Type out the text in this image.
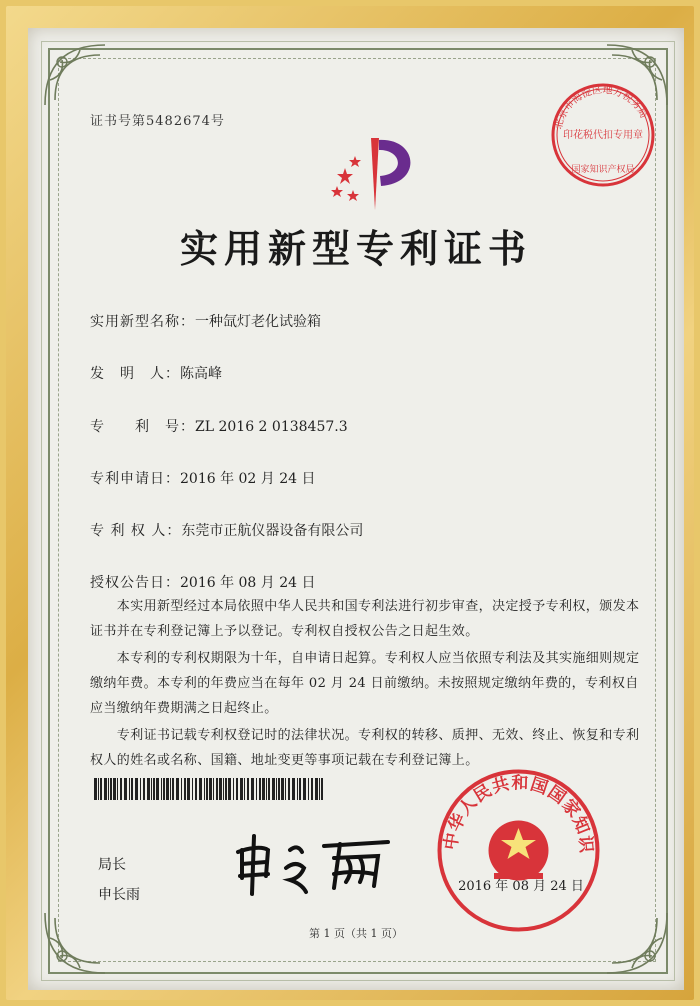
证书号第5482674号
实用新型专利证书
实用新型名称：一种氙灯老化试验箱
发　明　人：陈高峰
专　　利　号：ZL 2016 2 0138457.3
专利申请日：2016 年 02 月 24 日
专 利 权 人：东莞市正航仪器设备有限公司
授权公告日：2016 年 08 月 24 日
　　本实用新型经过本局依照中华人民共和国专利法进行初步审查，决定授予专利权，颁发本证书并在专利登记簿上予以登记。专利权自授权公告之日起生效。
　　本专利的专利权期限为十年，自申请日起算。专利权人应当依照专利法及其实施细则规定缴纳年费。本专利的年费应当在每年 02 月 24 日前缴纳。未按照规定缴纳年费的，专利权自应当缴纳年费期满之日起终止。
　　专利证书记载专利权登记时的法律状况。专利权的转移、质押、无效、终止、恢复和专利权人的姓名或名称、国籍、地址变更等事项记载在专利登记簿上。
局长
申长雨
北京市海淀区地方税务局
印花税代扣专用章
国家知识产权局
中华人民共和国国家知识
2016 年 08 月 24 日
第 1 页（共 1 页）
